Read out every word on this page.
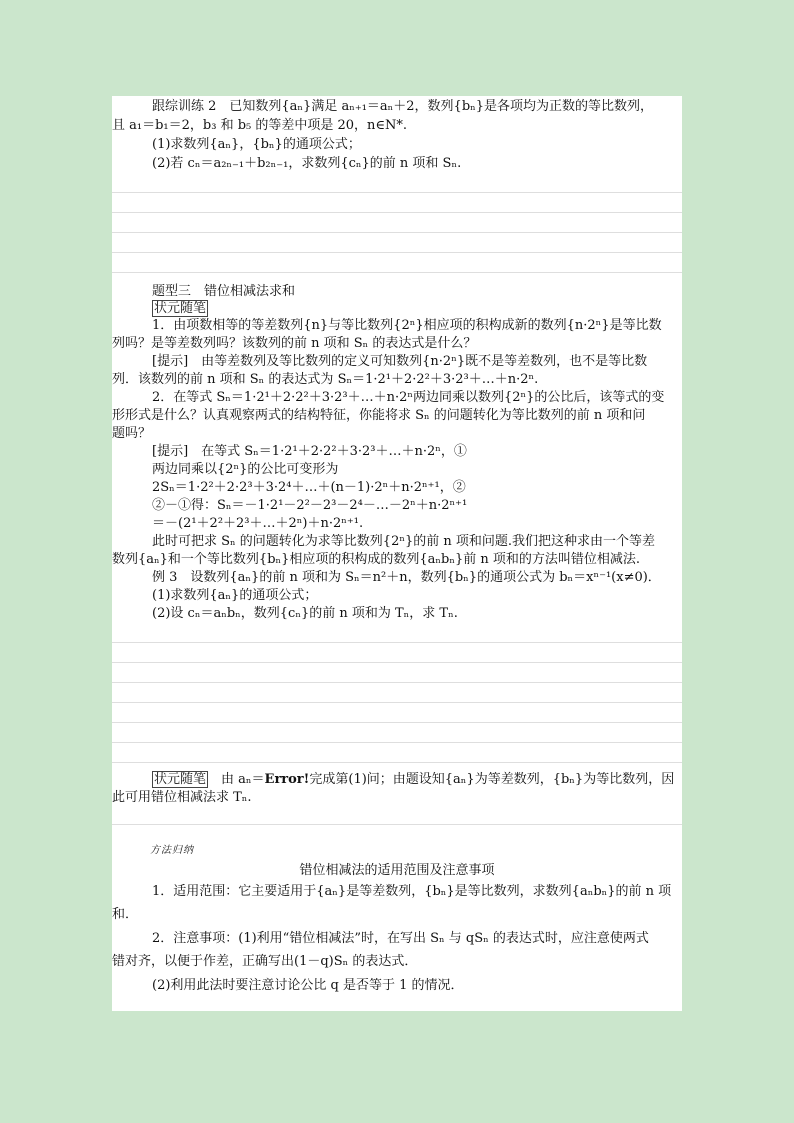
跟综训练 2　已知数列{aₙ}满足 aₙ₊₁＝aₙ＋2，数列{bₙ}是各项均为正数的等比数列，
且 a₁＝b₁＝2，b₃ 和 b₅ 的等差中项是 20，n∈N*.
(1)求数列{aₙ}，{bₙ}的通项公式；
(2)若 cₙ＝a₂ₙ₋₁＋b₂ₙ₋₁，求数列{cₙ}的前 n 项和 Sₙ.
题型三　错位相减法求和
状元随笔
1．由项数相等的等差数列{n}与等比数列{2ⁿ}相应项的积构成新的数列{n·2ⁿ}是等比数
列吗？是等差数列吗？该数列的前 n 项和 Sₙ 的表达式是什么？
[提示]　由等差数列及等比数列的定义可知数列{n·2ⁿ}既不是等差数列，也不是等比数
列．该数列的前 n 项和 Sₙ 的表达式为 Sₙ＝1·2¹＋2·2²＋3·2³＋…＋n·2ⁿ.
2．在等式 Sₙ＝1·2¹＋2·2²＋3·2³＋…＋n·2ⁿ两边同乘以数列{2ⁿ}的公比后，该等式的变
形形式是什么？认真观察两式的结构特征，你能将求 Sₙ 的问题转化为等比数列的前 n 项和问
题吗？
[提示]　在等式 Sₙ＝1·2¹＋2·2²＋3·2³＋…＋n·2ⁿ，①
两边同乘以{2ⁿ}的公比可变形为
2Sₙ＝1·2²＋2·2³＋3·2⁴＋…＋(n－1)·2ⁿ＋n·2ⁿ⁺¹，②
②－①得：Sₙ＝－1·2¹－2²－2³－2⁴－…－2ⁿ＋n·2ⁿ⁺¹
＝－(2¹＋2²＋2³＋…＋2ⁿ)＋n·2ⁿ⁺¹.
此时可把求 Sₙ 的问题转化为求等比数列{2ⁿ}的前 n 项和问题.我们把这种求由一个等差
数列{aₙ}和一个等比数列{bₙ}相应项的积构成的数列{aₙbₙ}前 n 项和的方法叫错位相减法.
例 3　设数列{aₙ}的前 n 项和为 Sₙ＝n²＋n，数列{bₙ}的通项公式为 bₙ＝xⁿ⁻¹(x≠0)．
(1)求数列{aₙ}的通项公式；
(2)设 cₙ＝aₙbₙ，数列{cₙ}的前 n 项和为 Tₙ，求 Tₙ.
状元随笔　由 aₙ＝Error!完成第(1)问；由题设知{aₙ}为等差数列，{bₙ}为等比数列，因
此可用错位相减法求 Tₙ.
方法归纳
错位相减法的适用范围及注意事项
1．适用范围：它主要适用于{aₙ}是等差数列，{bₙ}是等比数列，求数列{aₙbₙ}的前 n 项
和．
2．注意事项：(1)利用“错位相减法”时，在写出 Sₙ 与 qSₙ 的表达式时，应注意使两式
错对齐，以便于作差，正确写出(1－q)Sₙ 的表达式．
(2)利用此法时要注意讨论公比 q 是否等于 1 的情况．
